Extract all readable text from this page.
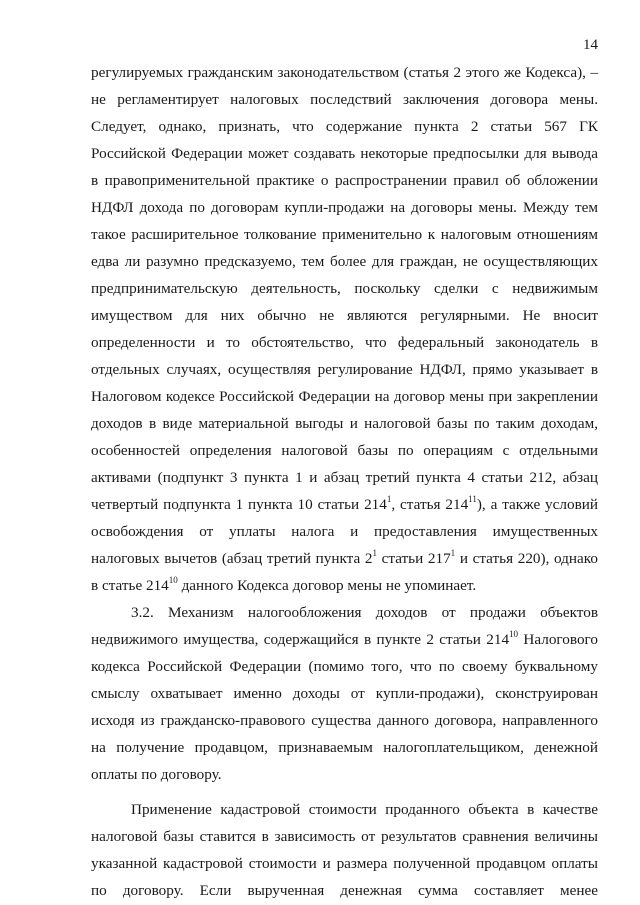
14
регулируемых гражданским законодательством (статья 2 этого же Кодекса), –
не регламентирует налоговых последствий заключения договора мены.
Следует, однако, признать, что содержание пункта 2 статьи 567 ГК
Российской Федерации может создавать некоторые предпосылки для вывода
в правоприменительной практике о распространении правил об обложении
НДФЛ дохода по договорам купли-продажи на договоры мены. Между тем
такое расширительное толкование применительно к налоговым отношениям
едва ли разумно предсказуемо, тем более для граждан, не осуществляющих
предпринимательскую деятельность, поскольку сделки с недвижимым
имуществом для них обычно не являются регулярными. Не вносит
определенности и то обстоятельство, что федеральный законодатель в
отдельных случаях, осуществляя регулирование НДФЛ, прямо указывает в
Налоговом кодексе Российской Федерации на договор мены при закреплении
доходов в виде материальной выгоды и налоговой базы по таким доходам,
особенностей определения налоговой базы по операциям с отдельными
активами (подпункт 3 пункта 1 и абзац третий пункта 4 статьи 212, абзац
четвертый подпункта 1 пункта 10 статьи $214^1$, статья $214^{11}$), а также условий
освобождения от уплаты налога и предоставления имущественных
налоговых вычетов (абзац третий пункта $2^1$ статьи $217^1$ и статья 220), однако
в статье $214^{10}$ данного Кодекса договор мены не упоминает.
3.2. Механизм налогообложения доходов от продажи объектов
недвижимого имущества, содержащийся в пункте 2 статьи $214^{10}$ Налогового
кодекса Российской Федерации (помимо того, что по своему буквальному
смыслу охватывает именно доходы от купли-продажи), сконструирован
исходя из гражданско-правового существа данного договора, направленного
на получение продавцом, признаваемым налогоплательщиком, денежной
оплаты по договору.
Применение кадастровой стоимости проданного объекта в качестве
налоговой базы ставится в зависимость от результатов сравнения величины
указанной кадастровой стоимости и размера полученной продавцом оплаты
по договору. Если вырученная денежная сумма составляет менее
